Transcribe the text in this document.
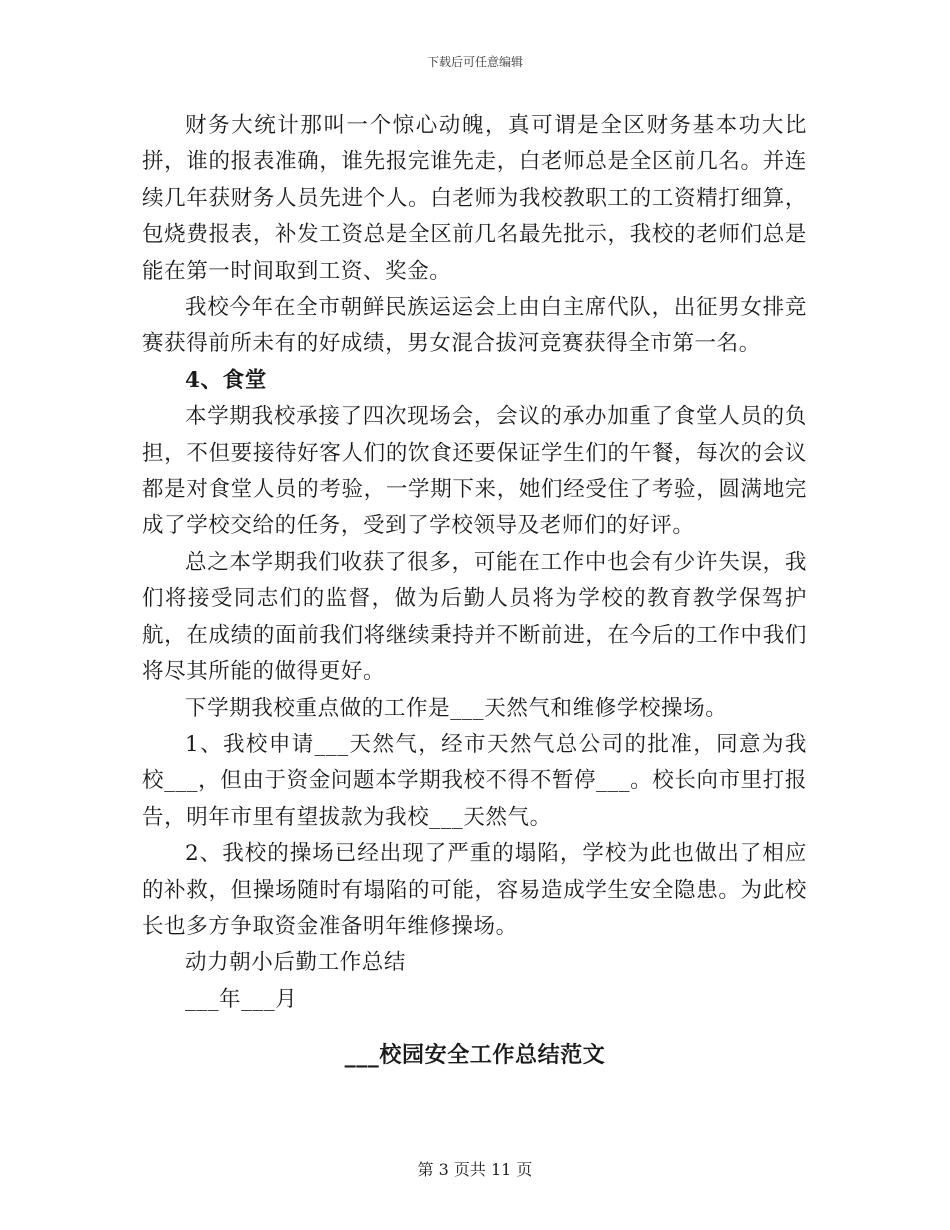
下载后可任意编辑

财务大统计那叫一个惊心动魄，真可谓是全区财务基本功大比拼，谁的报表准确，谁先报完谁先走，白老师总是全区前几名。并连续几年获财务人员先进个人。白老师为我校教职工的工资精打细算，包烧费报表，补发工资总是全区前几名最先批示，我校的老师们总是能在第一时间取到工资、奖金。

我校今年在全市朝鲜民族运运会上由白主席代队，出征男女排竞赛获得前所未有的好成绩，男女混合拔河竞赛获得全市第一名。

4、食堂

本学期我校承接了四次现场会，会议的承办加重了食堂人员的负担，不但要接待好客人们的饮食还要保证学生们的午餐，每次的会议都是对食堂人员的考验，一学期下来，她们经受住了考验，圆满地完成了学校交给的任务，受到了学校领导及老师们的好评。

总之本学期我们收获了很多，可能在工作中也会有少许失误，我们将接受同志们的监督，做为后勤人员将为学校的教育教学保驾护航，在成绩的面前我们将继续秉持并不断前进，在今后的工作中我们将尽其所能的做得更好。

下学期我校重点做的工作是___天然气和维修学校操场。

1、我校申请___天然气，经市天然气总公司的批准，同意为我校___，但由于资金问题本学期我校不得不暂停___。校长向市里打报告，明年市里有望拔款为我校___天然气。

2、我校的操场已经出现了严重的塌陷，学校为此也做出了相应的补救，但操场随时有塌陷的可能，容易造成学生安全隐患。为此校长也多方争取资金准备明年维修操场。

动力朝小后勤工作总结

___年___月

___校园安全工作总结范文
第 3 页共 11 页
